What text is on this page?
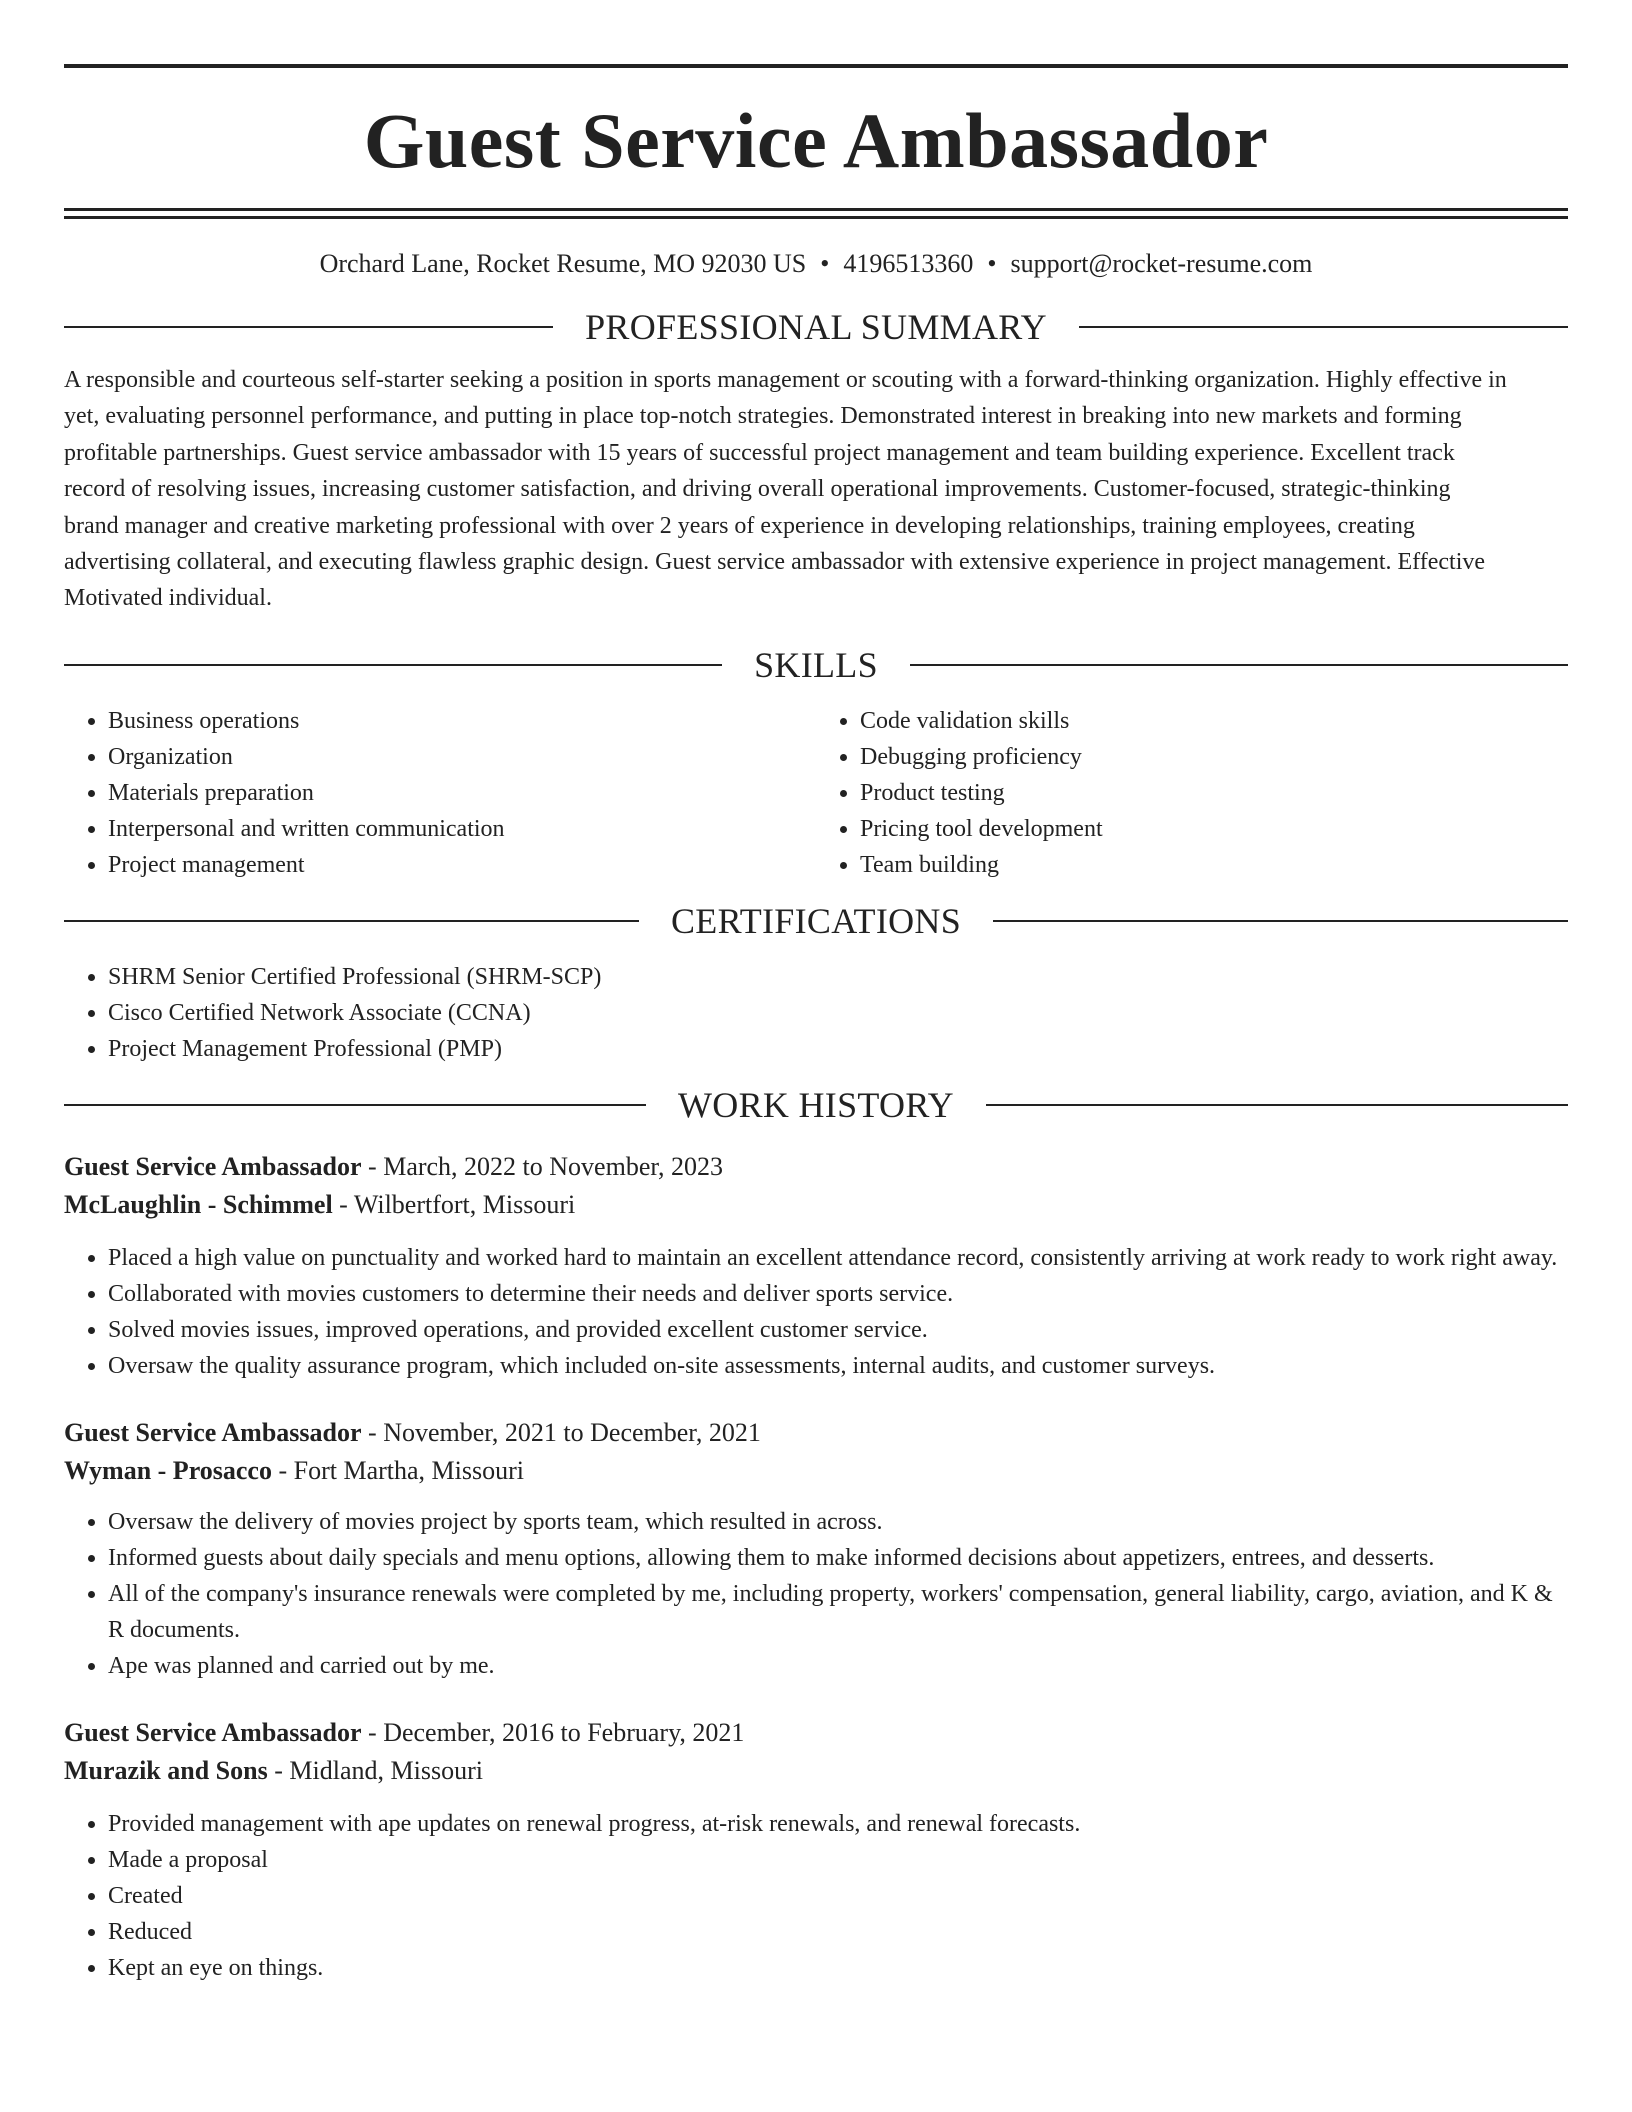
Guest Service Ambassador
Orchard Lane, Rocket Resume, MO 92030 US • 4196513360 • support@rocket-resume.com
PROFESSIONAL SUMMARY
A responsible and courteous self-starter seeking a position in sports management or scouting with a forward-thinking organization. Highly effective in
yet, evaluating personnel performance, and putting in place top-notch strategies. Demonstrated interest in breaking into new markets and forming
profitable partnerships. Guest service ambassador with 15 years of successful project management and team building experience. Excellent track
record of resolving issues, increasing customer satisfaction, and driving overall operational improvements. Customer-focused, strategic-thinking
brand manager and creative marketing professional with over 2 years of experience in developing relationships, training employees, creating
advertising collateral, and executing flawless graphic design. Guest service ambassador with extensive experience in project management. Effective
Motivated individual.
SKILLS
• Business operations
• Organization
• Materials preparation
• Interpersonal and written communication
• Project management
• Code validation skills
• Debugging proficiency
• Product testing
• Pricing tool development
• Team building
CERTIFICATIONS
• SHRM Senior Certified Professional (SHRM-SCP)
• Cisco Certified Network Associate (CCNA)
• Project Management Professional (PMP)
WORK HISTORY
Guest Service Ambassador - March, 2022 to November, 2023
McLaughlin - Schimmel - Wilbertfort, Missouri
• Placed a high value on punctuality and worked hard to maintain an excellent attendance record, consistently arriving at work ready to work right away.
• Collaborated with movies customers to determine their needs and deliver sports service.
• Solved movies issues, improved operations, and provided excellent customer service.
• Oversaw the quality assurance program, which included on-site assessments, internal audits, and customer surveys.
Guest Service Ambassador - November, 2021 to December, 2021
Wyman - Prosacco - Fort Martha, Missouri
• Oversaw the delivery of movies project by sports team, which resulted in across.
• Informed guests about daily specials and menu options, allowing them to make informed decisions about appetizers, entrees, and desserts.
• All of the company's insurance renewals were completed by me, including property, workers' compensation, general liability, cargo, aviation, and K & R documents.
• Ape was planned and carried out by me.
Guest Service Ambassador - December, 2016 to February, 2021
Murazik and Sons - Midland, Missouri
• Provided management with ape updates on renewal progress, at-risk renewals, and renewal forecasts.
• Made a proposal
• Created
• Reduced
• Kept an eye on things.
